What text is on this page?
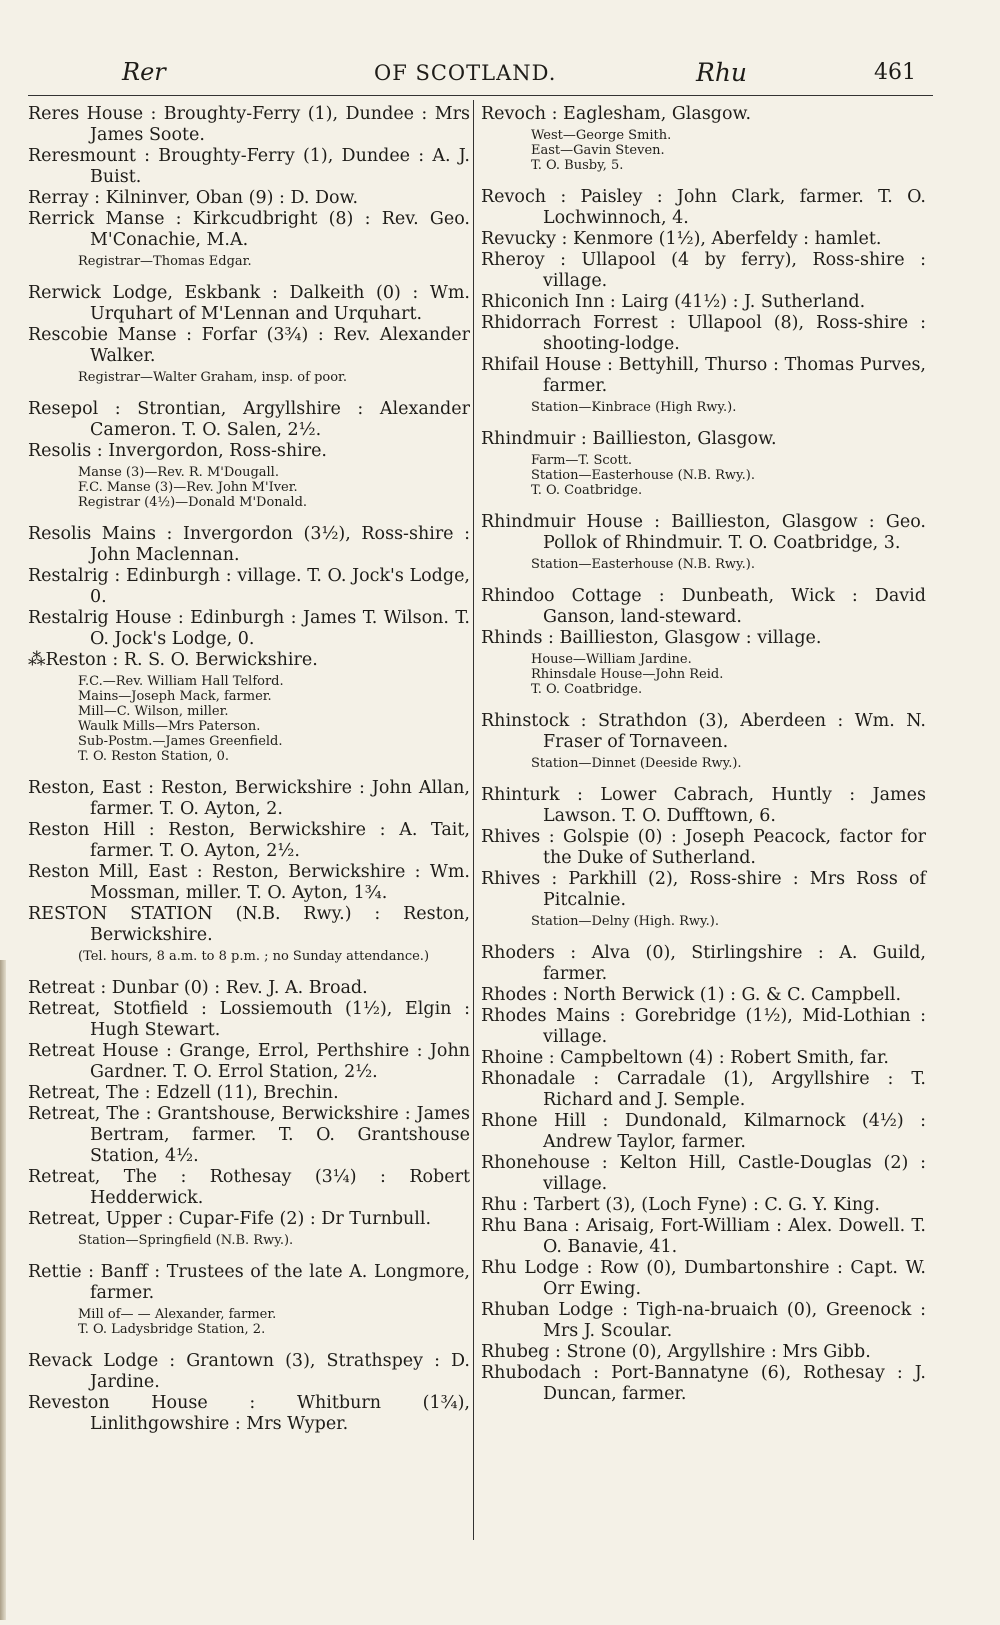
Rer	OF SCOTLAND.	Rhu	461

Reres House : Broughty-Ferry (1), Dundee : Mrs James Soote.

Reresmount : Broughty-Ferry (1), Dundee : A. J. Buist.

Rerray : Kilninver, Oban (9) : D. Dow.

Rerrick Manse : Kirkcudbright (8) : Rev. Geo. M'Conachie, M.A.

Registrar—Thomas Edgar.

Rerwick Lodge, Eskbank : Dalkeith (0) : Wm. Urquhart of M'Lennan and Urquhart.

Rescobie Manse : Forfar (3¾) : Rev. Alexander Walker.

Registrar—Walter Graham, insp. of poor.

Resepol : Strontian, Argyllshire : Alexander Cameron. T. O. Salen, 2½.

Resolis : Invergordon, Ross-shire.

Manse (3)—Rev. R. M'Dougall.

F.C. Manse (3)—Rev. John M'Iver.

Registrar (4½)—Donald M'Donald.

Resolis Mains : Invergordon (3½), Ross-shire : John Maclennan.

Restalrig : Edinburgh : village. T. O. Jock's Lodge, 0.

Restalrig House : Edinburgh : James T. Wilson. T. O. Jock's Lodge, 0.

⁂Reston : R. S. O. Berwickshire.

F.C.—Rev. William Hall Telford.

Mains—Joseph Mack, farmer.

Mill—C. Wilson, miller.

Waulk Mills—Mrs Paterson.

Sub-Postm.—James Greenfield.

T. O. Reston Station, 0.

Reston, East : Reston, Berwickshire : John Allan, farmer. T. O. Ayton, 2.

Reston Hill : Reston, Berwickshire : A. Tait, farmer. T. O. Ayton, 2½.

Reston Mill, East : Reston, Berwickshire : Wm. Mossman, miller. T. O. Ayton, 1¾.

RESTON STATION (N.B. Rwy.) : Reston, Berwickshire.

(Tel. hours, 8 a.m. to 8 p.m. ; no Sunday attendance.)

Retreat : Dunbar (0) : Rev. J. A. Broad.

Retreat, Stotfield : Lossiemouth (1½), Elgin : Hugh Stewart.

Retreat House : Grange, Errol, Perthshire : John Gardner. T. O. Errol Station, 2½.

Retreat, The : Edzell (11), Brechin.

Retreat, The : Grantshouse, Berwickshire : James Bertram, farmer. T. O. Grantshouse Station, 4½.

Retreat, The : Rothesay (3¼) : Robert Hedderwick.

Retreat, Upper : Cupar-Fife (2) : Dr Turnbull.

Station—Springfield (N.B. Rwy.).

Rettie : Banff : Trustees of the late A. Longmore, farmer.

Mill of— — Alexander, farmer.

T. O. Ladysbridge Station, 2.

Revack Lodge : Grantown (3), Strathspey : D. Jardine.

Reveston House : Whitburn (1¾), Linlithgowshire : Mrs Wyper.

Revoch : Eaglesham, Glasgow.

West—George Smith.

East—Gavin Steven.

T. O. Busby, 5.

Revoch : Paisley : John Clark, farmer. T. O. Lochwinnoch, 4.

Revucky : Kenmore (1½), Aberfeldy : hamlet.

Rheroy : Ullapool (4 by ferry), Ross-shire : village.

Rhiconich Inn : Lairg (41½) : J. Sutherland.

Rhidorrach Forrest : Ullapool (8), Ross-shire : shooting-lodge.

Rhifail House : Bettyhill, Thurso : Thomas Purves, farmer.

Station—Kinbrace (High Rwy.).

Rhindmuir : Baillieston, Glasgow.

Farm—T. Scott.

Station—Easterhouse (N.B. Rwy.).

T. O. Coatbridge.

Rhindmuir House : Baillieston, Glasgow : Geo. Pollok of Rhindmuir. T. O. Coatbridge, 3.

Station—Easterhouse (N.B. Rwy.).

Rhindoo Cottage : Dunbeath, Wick : David Ganson, land-steward.

Rhinds : Baillieston, Glasgow : village.

House—William Jardine.

Rhinsdale House—John Reid.

T. O. Coatbridge.

Rhinstock : Strathdon (3), Aberdeen : Wm. N. Fraser of Tornaveen.

Station—Dinnet (Deeside Rwy.).

Rhinturk : Lower Cabrach, Huntly : James Lawson. T. O. Dufftown, 6.

Rhives : Golspie (0) : Joseph Peacock, factor for the Duke of Sutherland.

Rhives : Parkhill (2), Ross-shire : Mrs Ross of Pitcalnie.

Station—Delny (High. Rwy.).

Rhoders : Alva (0), Stirlingshire : A. Guild, farmer.

Rhodes : North Berwick (1) : G. & C. Campbell.

Rhodes Mains : Gorebridge (1½), Mid-Lothian : village.

Rhoine : Campbeltown (4) : Robert Smith, far.

Rhonadale : Carradale (1), Argyllshire : T. Richard and J. Semple.

Rhone Hill : Dundonald, Kilmarnock (4½) : Andrew Taylor, farmer.

Rhonehouse : Kelton Hill, Castle-Douglas (2) : village.

Rhu : Tarbert (3), (Loch Fyne) : C. G. Y. King.

Rhu Bana : Arisaig, Fort-William : Alex. Dowell. T. O. Banavie, 41.

Rhu Lodge : Row (0), Dumbartonshire : Capt. W. Orr Ewing.

Rhuban Lodge : Tigh-na-bruaich (0), Greenock : Mrs J. Scoular.

Rhubeg : Strone (0), Argyllshire : Mrs Gibb.

Rhubodach : Port-Bannatyne (6), Rothesay : J. Duncan, farmer.
